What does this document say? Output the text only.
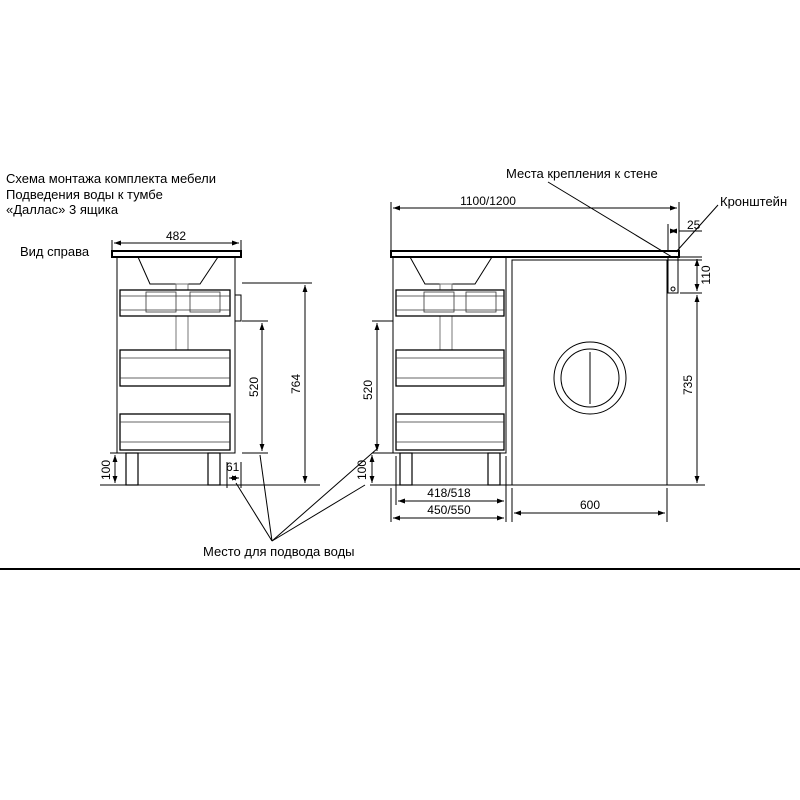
Схема монтажа комплекта мебели
Подведения воды к тумбе
«Даллас» 3 ящика
Вид справа
482
520 764
100	61
1100/1200
25
110
735
520
100
418/518
450/550	600
Места крепления к стене
Кронштейн
Место для подвода воды
